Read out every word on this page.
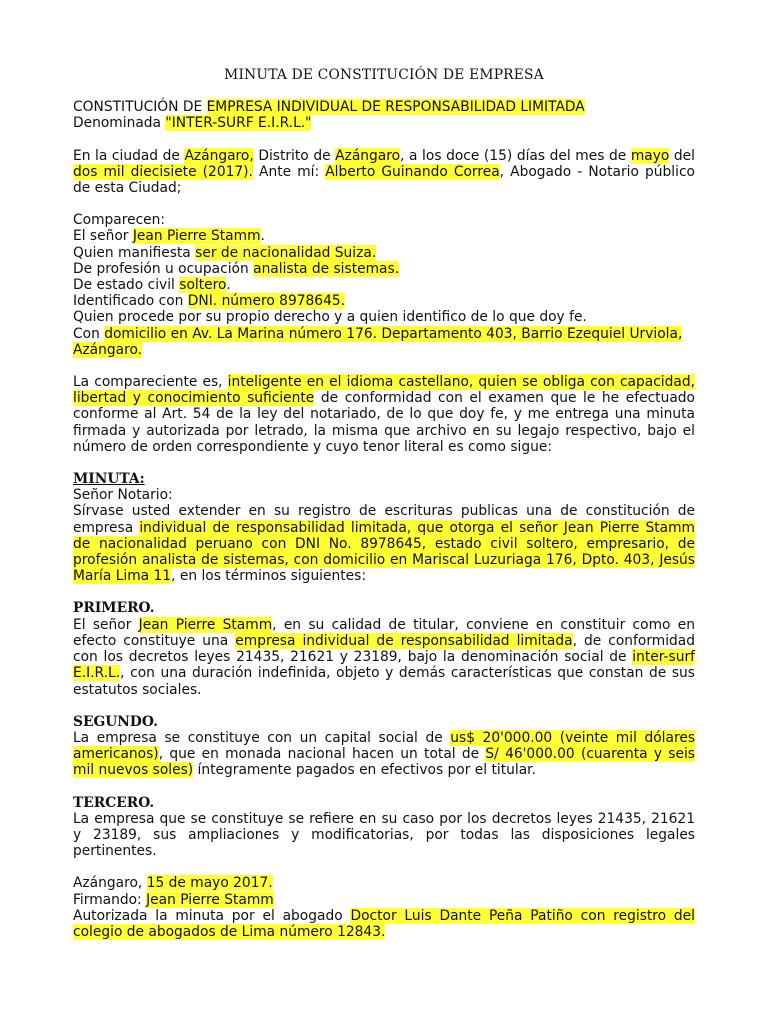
MINUTA DE CONSTITUCIÓN DE EMPRESA

CONSTITUCIÓN DE EMPRESA INDIVIDUAL DE RESPONSABILIDAD LIMITADA

Denominada "INTER-SURF E.I.R.L."

En la ciudad de Azángaro, Distrito de Azángaro, a los doce (15) días del mes de mayo del dos mil diecisiete (2017). Ante mí: Alberto Guinando Correa, Abogado - Notario público de esta Ciudad;

Comparecen:

El señor Jean Pierre Stamm.

Quien manifiesta ser de nacionalidad Suiza.

De profesión u ocupación analista de sistemas.

De estado civil soltero.

Identificado con DNI. número 8978645.

Quien procede por su propio derecho y a quien identifico de lo que doy fe.

Con domicilio en Av. La Marina número 176. Departamento 403, Barrio Ezequiel Urviola, Azángaro.

La compareciente es, inteligente en el idioma castellano, quien se obliga con capacidad, libertad y conocimiento suficiente de conformidad con el examen que le he efectuado conforme al Art. 54 de la ley del notariado, de lo que doy fe, y me entrega una minuta firmada y autorizada por letrado, la misma que archivo en su legajo respectivo, bajo el número de orden correspondiente y cuyo tenor literal es como sigue:

MINUTA:

Señor Notario:

Sírvase usted extender en su registro de escrituras publicas una de constitución de empresa individual de responsabilidad limitada, que otorga el señor Jean Pierre Stamm de nacionalidad peruano con DNI No. 8978645, estado civil soltero, empresario, de profesión analista de sistemas, con domicilio en Mariscal Luzuriaga 176, Dpto. 403, Jesús María Lima 11, en los términos siguientes:

PRIMERO.

El señor Jean Pierre Stamm, en su calidad de titular, conviene en constituir como en efecto constituye una empresa individual de responsabilidad limitada, de conformidad con los decretos leyes 21435, 21621 y 23189, bajo la denominación social de inter-surf E.I.R.L., con una duración indefinida, objeto y demás características que constan de sus estatutos sociales.

SEGUNDO.

La empresa se constituye con un capital social de us$ 20'000.00 (veinte mil dólares americanos), que en monada nacional hacen un total de S/ 46'000.00 (cuarenta y seis mil nuevos soles) íntegramente pagados en efectivos por el titular.

TERCERO.

La empresa que se constituye se refiere en su caso por los decretos leyes 21435, 21621 y 23189, sus ampliaciones y modificatorias, por todas las disposiciones legales pertinentes.

Azángaro, 15 de mayo 2017.

Firmando: Jean Pierre Stamm

Autorizada la minuta por el abogado Doctor Luis Dante Peña Patiño con registro del colegio de abogados de Lima número 12843.
